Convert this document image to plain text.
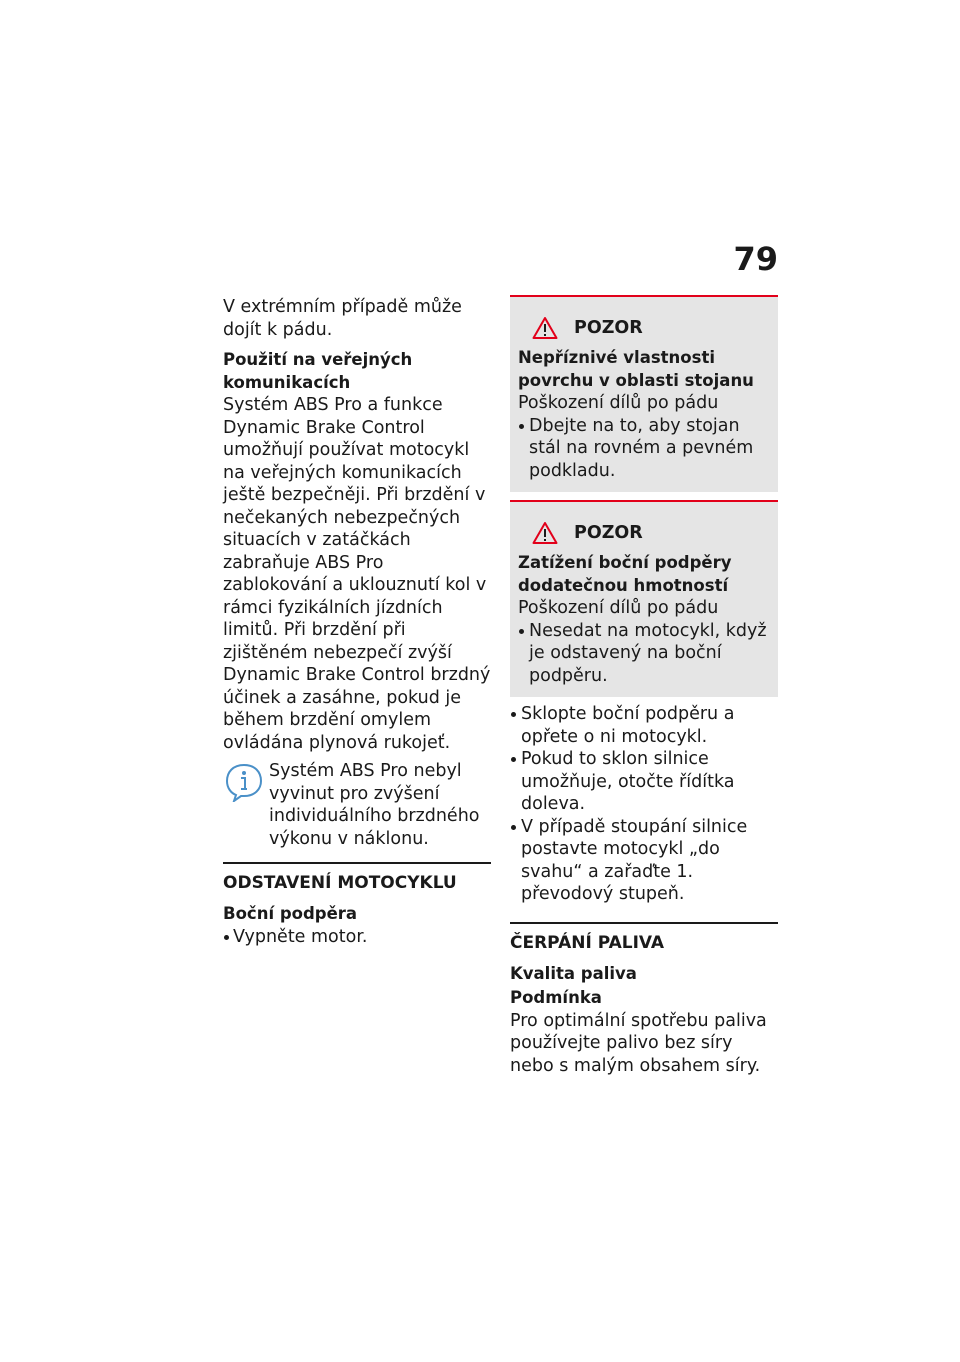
79

V extrémním případě může dojít k pádu.

Použití na veřejných komunikacích

Systém ABS Pro a funkce Dynamic Brake Control umožňují používat motocykl na veřejných komunikacích ještě bezpečněji. Při brzdění v nečekaných nebezpečných situacích v zatáčkách zabraňuje ABS Pro zablokování a uklouznutí kol v rámci fyzikálních jízdních limitů. Při brzdění při zjištěném nebezpečí zvýší Dynamic Brake Control brzdný účinek a zasáhne, pokud je během brzdění omylem ovládána plynová rukojeť.

Systém ABS Pro nebyl vyvinut pro zvýšení individuálního brzdného výkonu v náklonu.

ODSTAVENÍ MOTOCYKLU

Boční podpěra

Vypněte motor.

POZOR

Nepříznivé vlastnosti povrchu v oblasti stojanu

Poškození dílů po pádu

Dbejte na to, aby stojan stál na rovném a pevném podkladu.

POZOR

Zatížení boční podpěry dodatečnou hmotností

Poškození dílů po pádu

Nesedat na motocykl, když je odstavený na boční podpěru.

Sklopte boční podpěru a opřete o ni motocykl.

Pokud to sklon silnice umožňuje, otočte řídítka doleva.

V případě stoupání silnice postavte motocykl „do svahu“ a zařaďte 1. převodový stupeň.

ČERPÁNÍ PALIVA

Kvalita paliva

Podmínka

Pro optimální spotřebu paliva používejte palivo bez síry nebo s malým obsahem síry.
